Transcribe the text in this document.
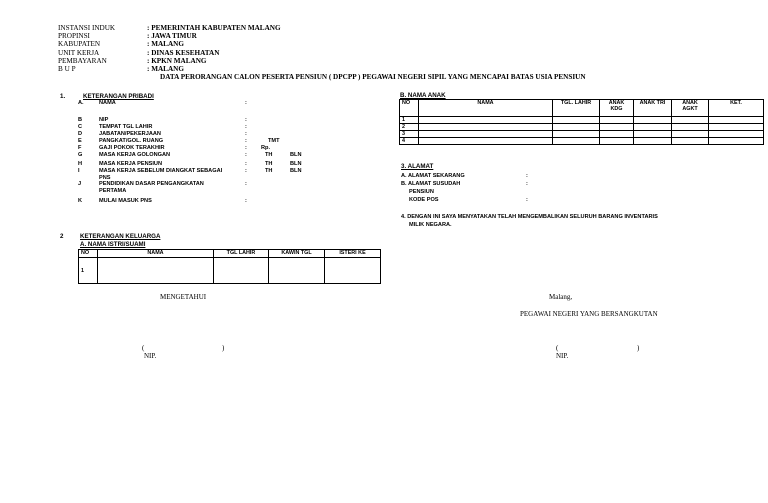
INSTANSI INDUK	: PEMERINTAH KABUPATEN MALANG
PROPINSI	: JAWA TIMUR
KABUPATEN	: MALANG
UNIT KERJA	: DINAS KESEHATAN
PEMBAYARAN	: KPKN MALANG
B U P	: MALANG
DATA PERORANGAN CALON PESERTA PENSIUN ( DPCPP ) PEGAWAI NEGERI SIPIL YANG MENCAPAI BATAS USIA PENSIUN
1.	KETERANGAN PRIBADI
A.	NAMA	:
B	NIP	:
C	TEMPAT TGL LAHIR	:
D	JABATAN/PEKERJAAN	:
E	PANGKAT/GOL. RUANG	:	TMT
F	GAJI POKOK TERAKHIR	:	Rp.
G	MASA KERJA GOLONGAN	:	TH	BLN
H	MASA KERJA PENSIUN	:	TH	BLN
I	MASA KERJA SEBELUM DIANGKAT SEBAGAI
PNS
:	TH	BLN
J	PENDIDIKAN DASAR PENGANGKATAN
PERTAMA
:
K	MULAI MASUK PNS	:
2	KETERANGAN KELUARGA
A. NAMA ISTRI/SUAMI
NO	NAMA	TGL LAHIR	KAWIN TGL	ISTERI KE
1				
B. NAMA ANAK
NO	NAMA	TGL. LAHIR	ANAK KDG	ANAK TRI	ANAK AGKT	KET.
1						
2						
3						
4						
3. ALAMAT
A. ALAMAT SEKARANG	:
B. ALAMAT SUSUDAH	:
PENSIUN
KODE POS	:
4. DENGAN INI SAYA MENYATAKAN TELAH MENGEMBALIKAN SELURUH BARANG INVENTARIS
MILIK NEGARA.
MENGETAHUI
(	)
NIP.
Malang,
PEGAWAI NEGERI YANG BERSANGKUTAN
(	)
NIP.
